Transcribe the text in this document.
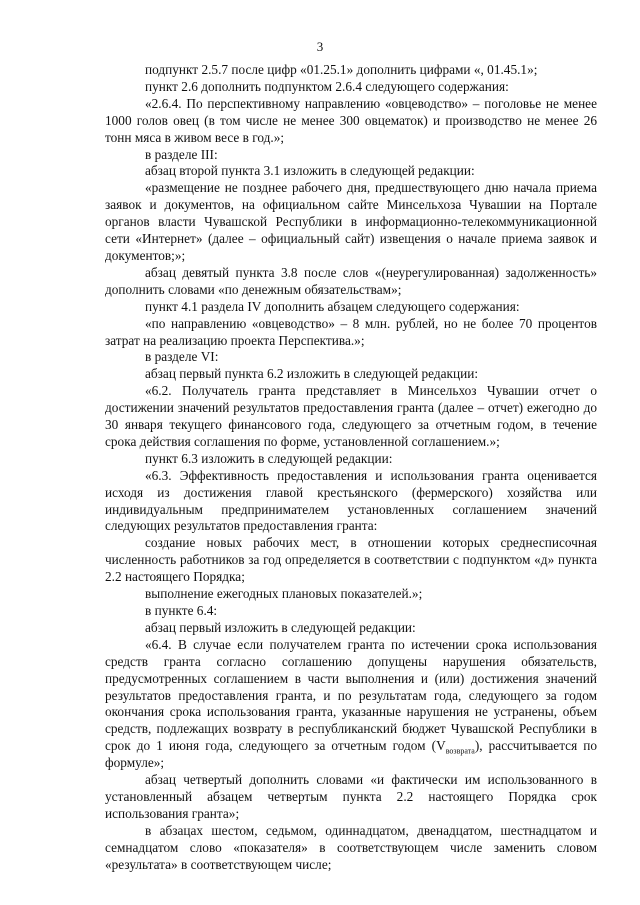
3

подпункт 2.5.7 после цифр «01.25.1» дополнить цифрами «, 01.45.1»;

пункт 2.6 дополнить подпунктом 2.6.4 следующего содержания:

«2.6.4. По перспективному направлению «овцеводство» – поголовье не менее 1000 голов овец (в том числе не менее 300 овцематок) и производство не менее 26 тонн мяса в живом весе в год.»;

в разделе III:

абзац второй пункта 3.1 изложить в следующей редакции:

«размещение не позднее рабочего дня, предшествующего дню начала приема заявок и документов, на официальном сайте Минсельхоза Чувашии на Портале органов власти Чувашской Республики в информационно-телекоммуникационной сети «Интернет» (далее – официальный сайт) извещения о начале приема заявок и документов;»;

абзац девятый пункта 3.8 после слов «(неурегулированная) задолженность» дополнить словами «по денежным обязательствам»;

пункт 4.1 раздела IV дополнить абзацем следующего содержания:

«по направлению «овцеводство» – 8 млн. рублей, но не более 70 процентов затрат на реализацию проекта Перспектива.»;

в разделе VI:

абзац первый пункта 6.2 изложить в следующей редакции:

«6.2. Получатель гранта представляет в Минсельхоз Чувашии отчет о достижении значений результатов предоставления гранта (далее – отчет) ежегодно до 30 января текущего финансового года, следующего за отчетным годом, в течение срока действия соглашения по форме, установленной соглашением.»;

пункт 6.3 изложить в следующей редакции:

«6.3. Эффективность предоставления и использования гранта оценивается исходя из достижения главой крестьянского (фермерского) хозяйства или индивидуальным предпринимателем установленных соглашением значений следующих результатов предоставления гранта:

создание новых рабочих мест, в отношении которых среднесписочная численность работников за год определяется в соответствии с подпунктом «д» пункта 2.2 настоящего Порядка;

выполнение ежегодных плановых показателей.»;

в пункте 6.4:

абзац первый изложить в следующей редакции:

«6.4. В случае если получателем гранта по истечении срока использования средств гранта согласно соглашению допущены нарушения обязательств, предусмотренных соглашением в части выполнения и (или) достижения значений результатов предоставления гранта, и по результатам года, следующего за годом окончания срока использования гранта, указанные нарушения не устранены, объем средств, подлежащих возврату в республиканский бюджет Чувашской Республики в срок до 1 июня года, следующего за отчетным годом $(V_{возврата})$, рассчитывается по формуле»;

абзац четвертый дополнить словами «и фактически им использованного в установленный абзацем четвертым пункта 2.2 настоящего Порядка срок использования гранта»;

в абзацах шестом, седьмом, одиннадцатом, двенадцатом, шестнадцатом и семнадцатом слово «показателя» в соответствующем числе заменить словом «результата» в соответствующем числе;
